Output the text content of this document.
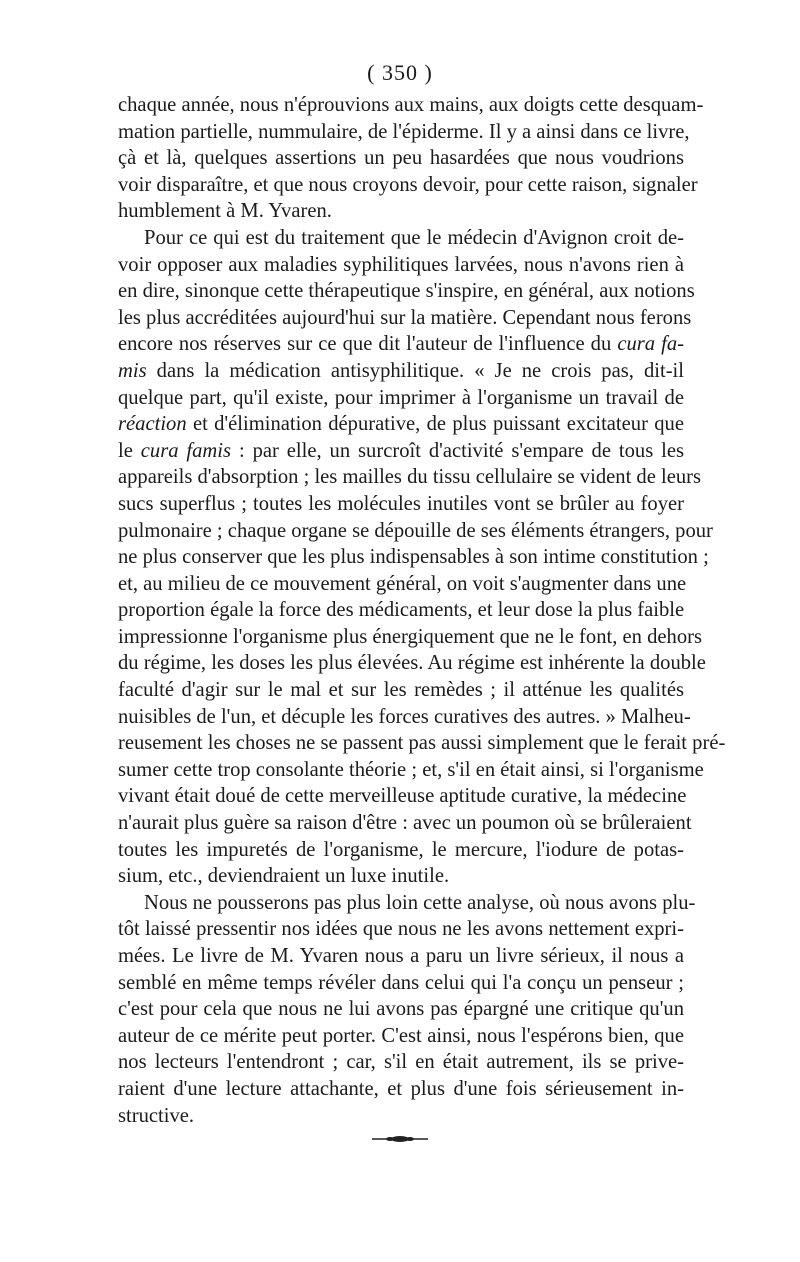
( 350 )
chaque année, nous n'éprouvions aux mains, aux doigts cette desquam-
mation partielle, nummulaire, de l'épiderme. Il y a ainsi dans ce livre,
çà et là, quelques assertions un peu hasardées que nous voudrions
voir disparaître, et que nous croyons devoir, pour cette raison, signaler
humblement à M. Yvaren.
Pour ce qui est du traitement que le médecin d'Avignon croit de-
voir opposer aux maladies syphilitiques larvées, nous n'avons rien à
en dire, sinonque cette thérapeutique s'inspire, en général, aux notions
les plus accréditées aujourd'hui sur la matière. Cependant nous ferons
encore nos réserves sur ce que dit l'auteur de l'influence du cura fa-
mis dans la médication antisyphilitique. « Je ne crois pas, dit-il
quelque part, qu'il existe, pour imprimer à l'organisme un travail de
réaction et d'élimination dépurative, de plus puissant excitateur que
le cura famis : par elle, un surcroît d'activité s'empare de tous les
appareils d'absorption ; les mailles du tissu cellulaire se vident de leurs
sucs superflus ; toutes les molécules inutiles vont se brûler au foyer
pulmonaire ; chaque organe se dépouille de ses éléments étrangers, pour
ne plus conserver que les plus indispensables à son intime constitution ;
et, au milieu de ce mouvement général, on voit s'augmenter dans une
proportion égale la force des médicaments, et leur dose la plus faible
impressionne l'organisme plus énergiquement que ne le font, en dehors
du régime, les doses les plus élevées. Au régime est inhérente la double
faculté d'agir sur le mal et sur les remèdes ; il atténue les qualités
nuisibles de l'un, et décuple les forces curatives des autres. » Malheu-
reusement les choses ne se passent pas aussi simplement que le ferait pré-
sumer cette trop consolante théorie ; et, s'il en était ainsi, si l'organisme
vivant était doué de cette merveilleuse aptitude curative, la médecine
n'aurait plus guère sa raison d'être : avec un poumon où se brûleraient
toutes les impuretés de l'organisme, le mercure, l'iodure de potas-
sium, etc., deviendraient un luxe inutile.
Nous ne pousserons pas plus loin cette analyse, où nous avons plu-
tôt laissé pressentir nos idées que nous ne les avons nettement expri-
mées. Le livre de M. Yvaren nous a paru un livre sérieux, il nous a
semblé en même temps révéler dans celui qui l'a conçu un penseur ;
c'est pour cela que nous ne lui avons pas épargné une critique qu'un
auteur de ce mérite peut porter. C'est ainsi, nous l'espérons bien, que
nos lecteurs l'entendront ; car, s'il en était autrement, ils se prive-
raient d'une lecture attachante, et plus d'une fois sérieusement in-
structive.
